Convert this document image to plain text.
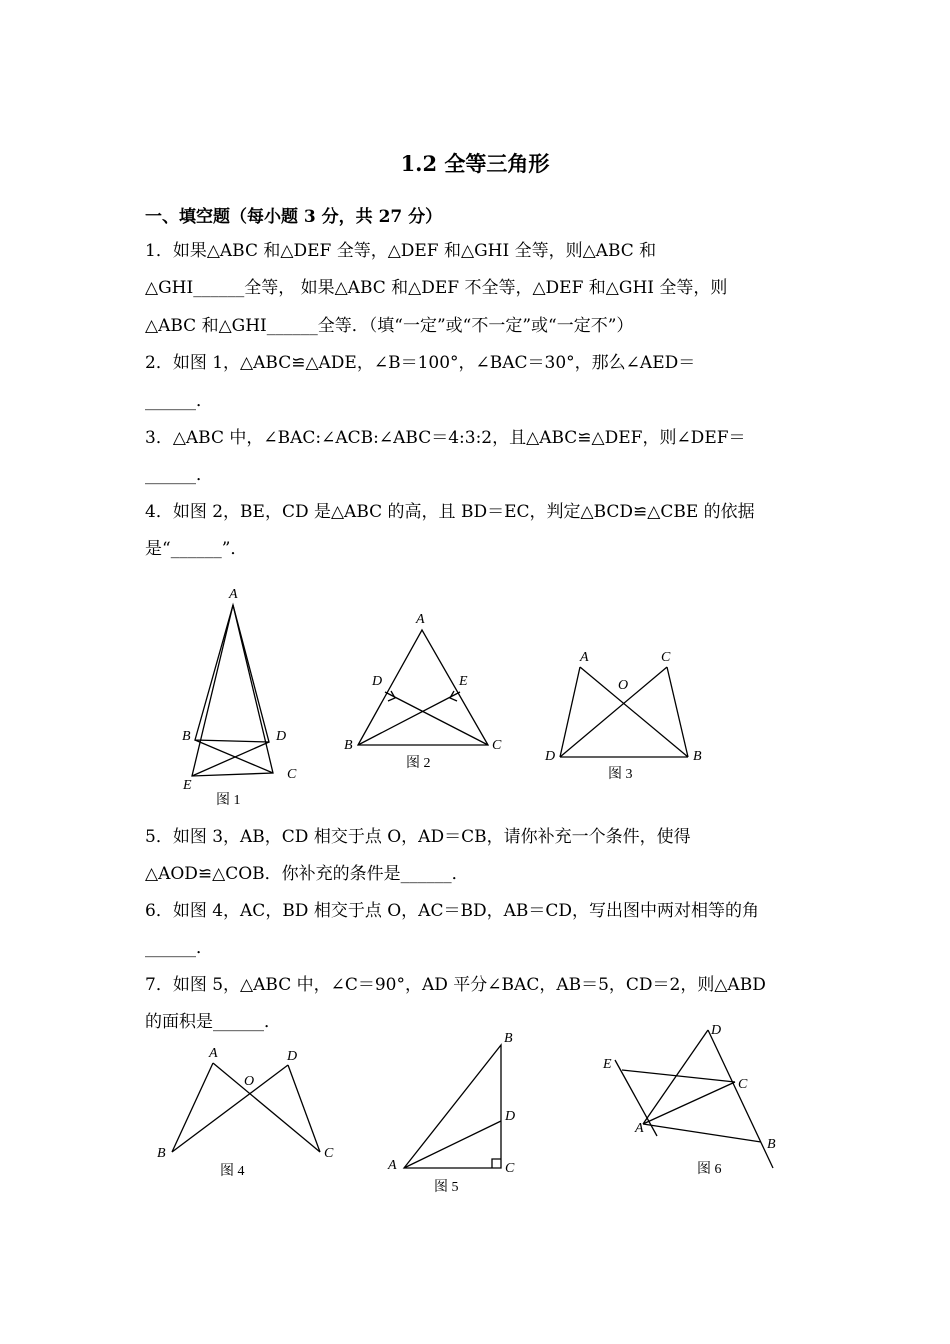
1.2 全等三角形
一、填空题（每小题 3 分，共 27 分）
1．如果△ABC 和△DEF 全等，△DEF 和△GHI 全等，则△ABC 和
△GHI______全等， 如果△ABC 和△DEF 不全等，△DEF 和△GHI 全等，则
△ABC 和△GHI______全等．（填“一定”或“不一定”或“一定不”）
2．如图 1，△ABC≌△ADE，∠B＝100°，∠BAC＝30°，那么∠AED＝
______．
3．△ABC 中，∠BAC:∠ACB:∠ABC＝4:3:2，且△ABC≌△DEF，则∠DEF＝
______．
4．如图 2，BE，CD 是△ABC 的高，且 BD＝EC，判定△BCD≌△CBE 的依据
是“______”．
A
B	D
C
E
图 1
A
D	E
B	C
图 2
A	C
O
D	B
图 3
5．如图 3，AB，CD 相交于点 O，AD＝CB，请你补充一个条件，使得
△AOD≌△COB．你补充的条件是______．
6．如图 4，AC，BD 相交于点 O，AC＝BD，AB＝CD，写出图中两对相等的角
______．
7．如图 5，△ABC 中，∠C＝90°，AD 平分∠BAC，AB＝5，CD＝2，则△ABD
的面积是______．
A	D
O
B	C
图 4
B
D
A	C
图 5
D
E
C
A
B
图 6
